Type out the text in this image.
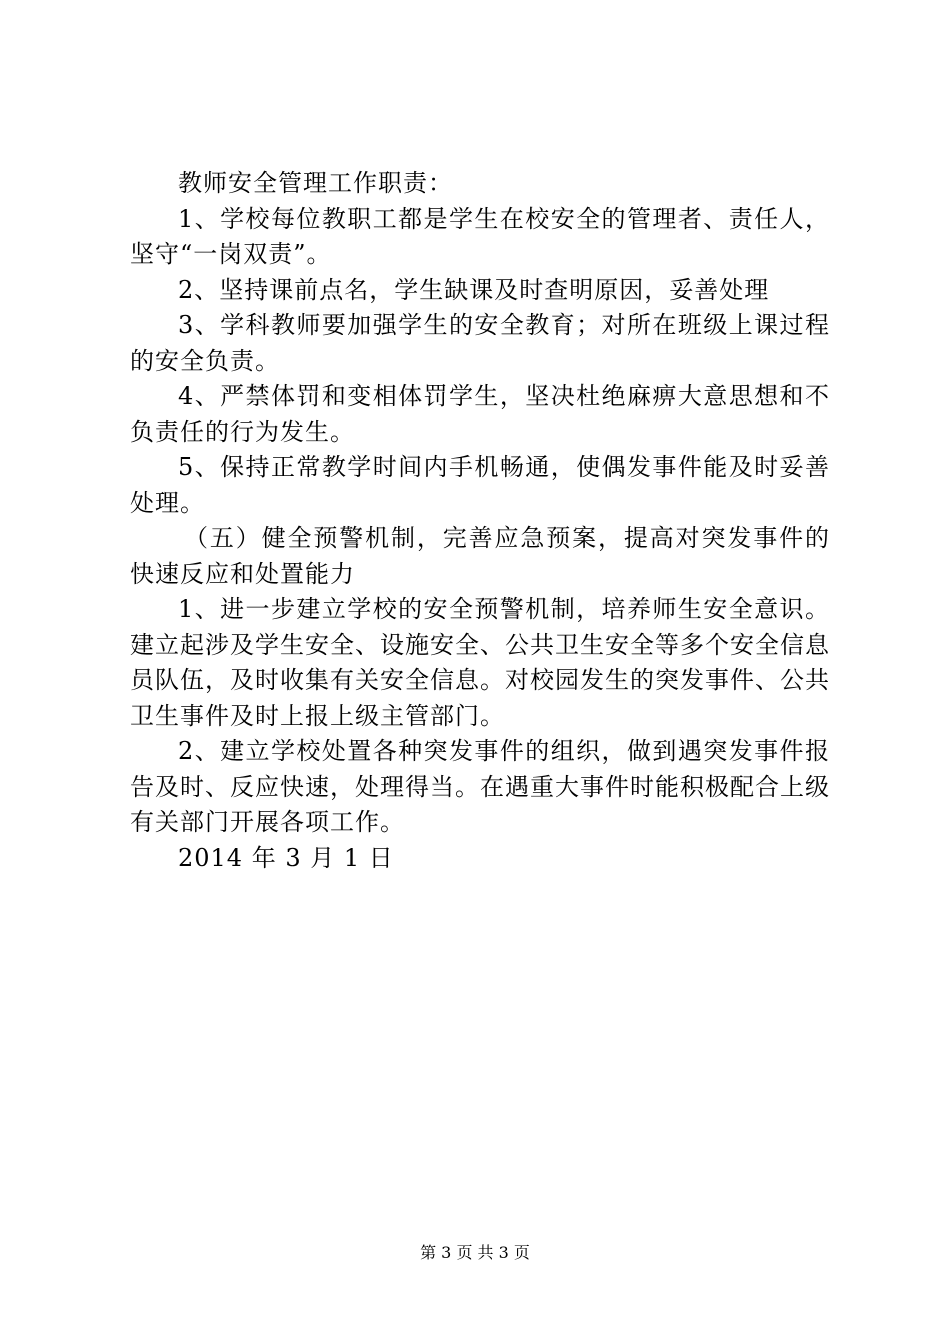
教师安全管理工作职责：

1、学校每位教职工都是学生在校安全的管理者、责任人，坚守“一岗双责”。

2、坚持课前点名，学生缺课及时查明原因，妥善处理

3、学科教师要加强学生的安全教育；对所在班级上课过程的安全负责。

4、严禁体罚和变相体罚学生，坚决杜绝麻痹大意思想和不负责任的行为发生。

5、保持正常教学时间内手机畅通，使偶发事件能及时妥善处理。

（五）健全预警机制，完善应急预案，提高对突发事件的快速反应和处置能力

1、进一步建立学校的安全预警机制，培养师生安全意识。建立起涉及学生安全、设施安全、公共卫生安全等多个安全信息员队伍，及时收集有关安全信息。对校园发生的突发事件、公共卫生事件及时上报上级主管部门。

2、建立学校处置各种突发事件的组织，做到遇突发事件报告及时、反应快速，处理得当。在遇重大事件时能积极配合上级有关部门开展各项工作。

2014 年 3 月 1 日

第 3 页 共 3 页
